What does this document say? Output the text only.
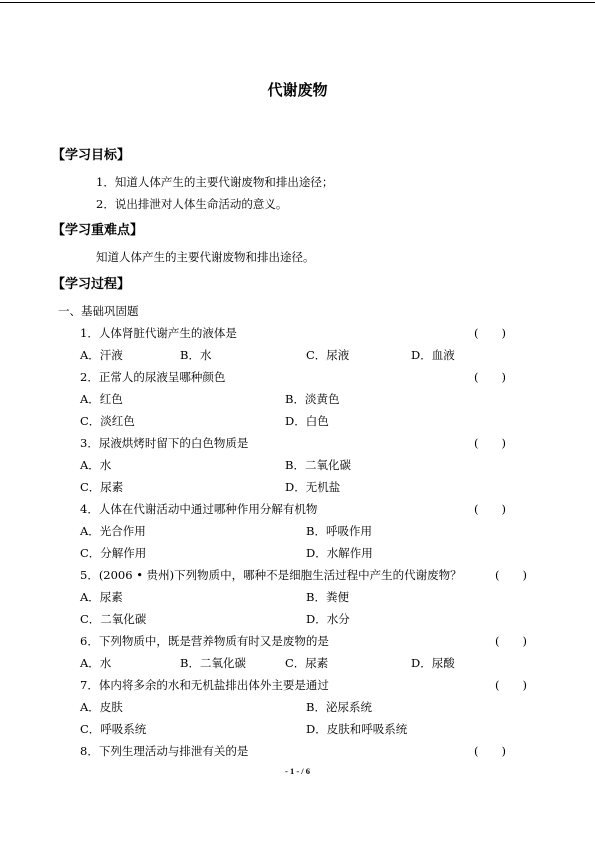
代谢废物
【学习目标】
1．知道人体产生的主要代谢废物和排出途径；
2．说出排泄对人体生命活动的意义。
【学习重难点】
知道人体产生的主要代谢废物和排出途径。
【学习过程】
一、基础巩固题
1．人体肾脏代谢产生的液体是	(　　)
A．汗液	B．水	C．尿液	D．血液
2．正常人的尿液呈哪种颜色	(　　)
A．红色	B．淡黄色
C．淡红色	D．白色
3．尿液烘烤时留下的白色物质是	(　　)
A．水	B．二氧化碳
C．尿素	D．无机盐
4．人体在代谢活动中通过哪种作用分解有机物	(　　)
A．光合作用	B．呼吸作用
C．分解作用	D．水解作用
5．(2006 • 贵州)下列物质中，哪种不是细胞生活过程中产生的代谢废物？	(　　)
A．尿素	B．粪便
C．二氧化碳	D．水分
6．下列物质中，既是营养物质有时又是废物的是	(　　)
A．水	B．二氧化碳	C．尿素	D．尿酸
7．体内将多余的水和无机盐排出体外主要是通过	(　　)
A．皮肤	B．泌尿系统
C．呼吸系统	D．皮肤和呼吸系统
8．下列生理活动与排泄有关的是	(　　)
- 1 - / 6
